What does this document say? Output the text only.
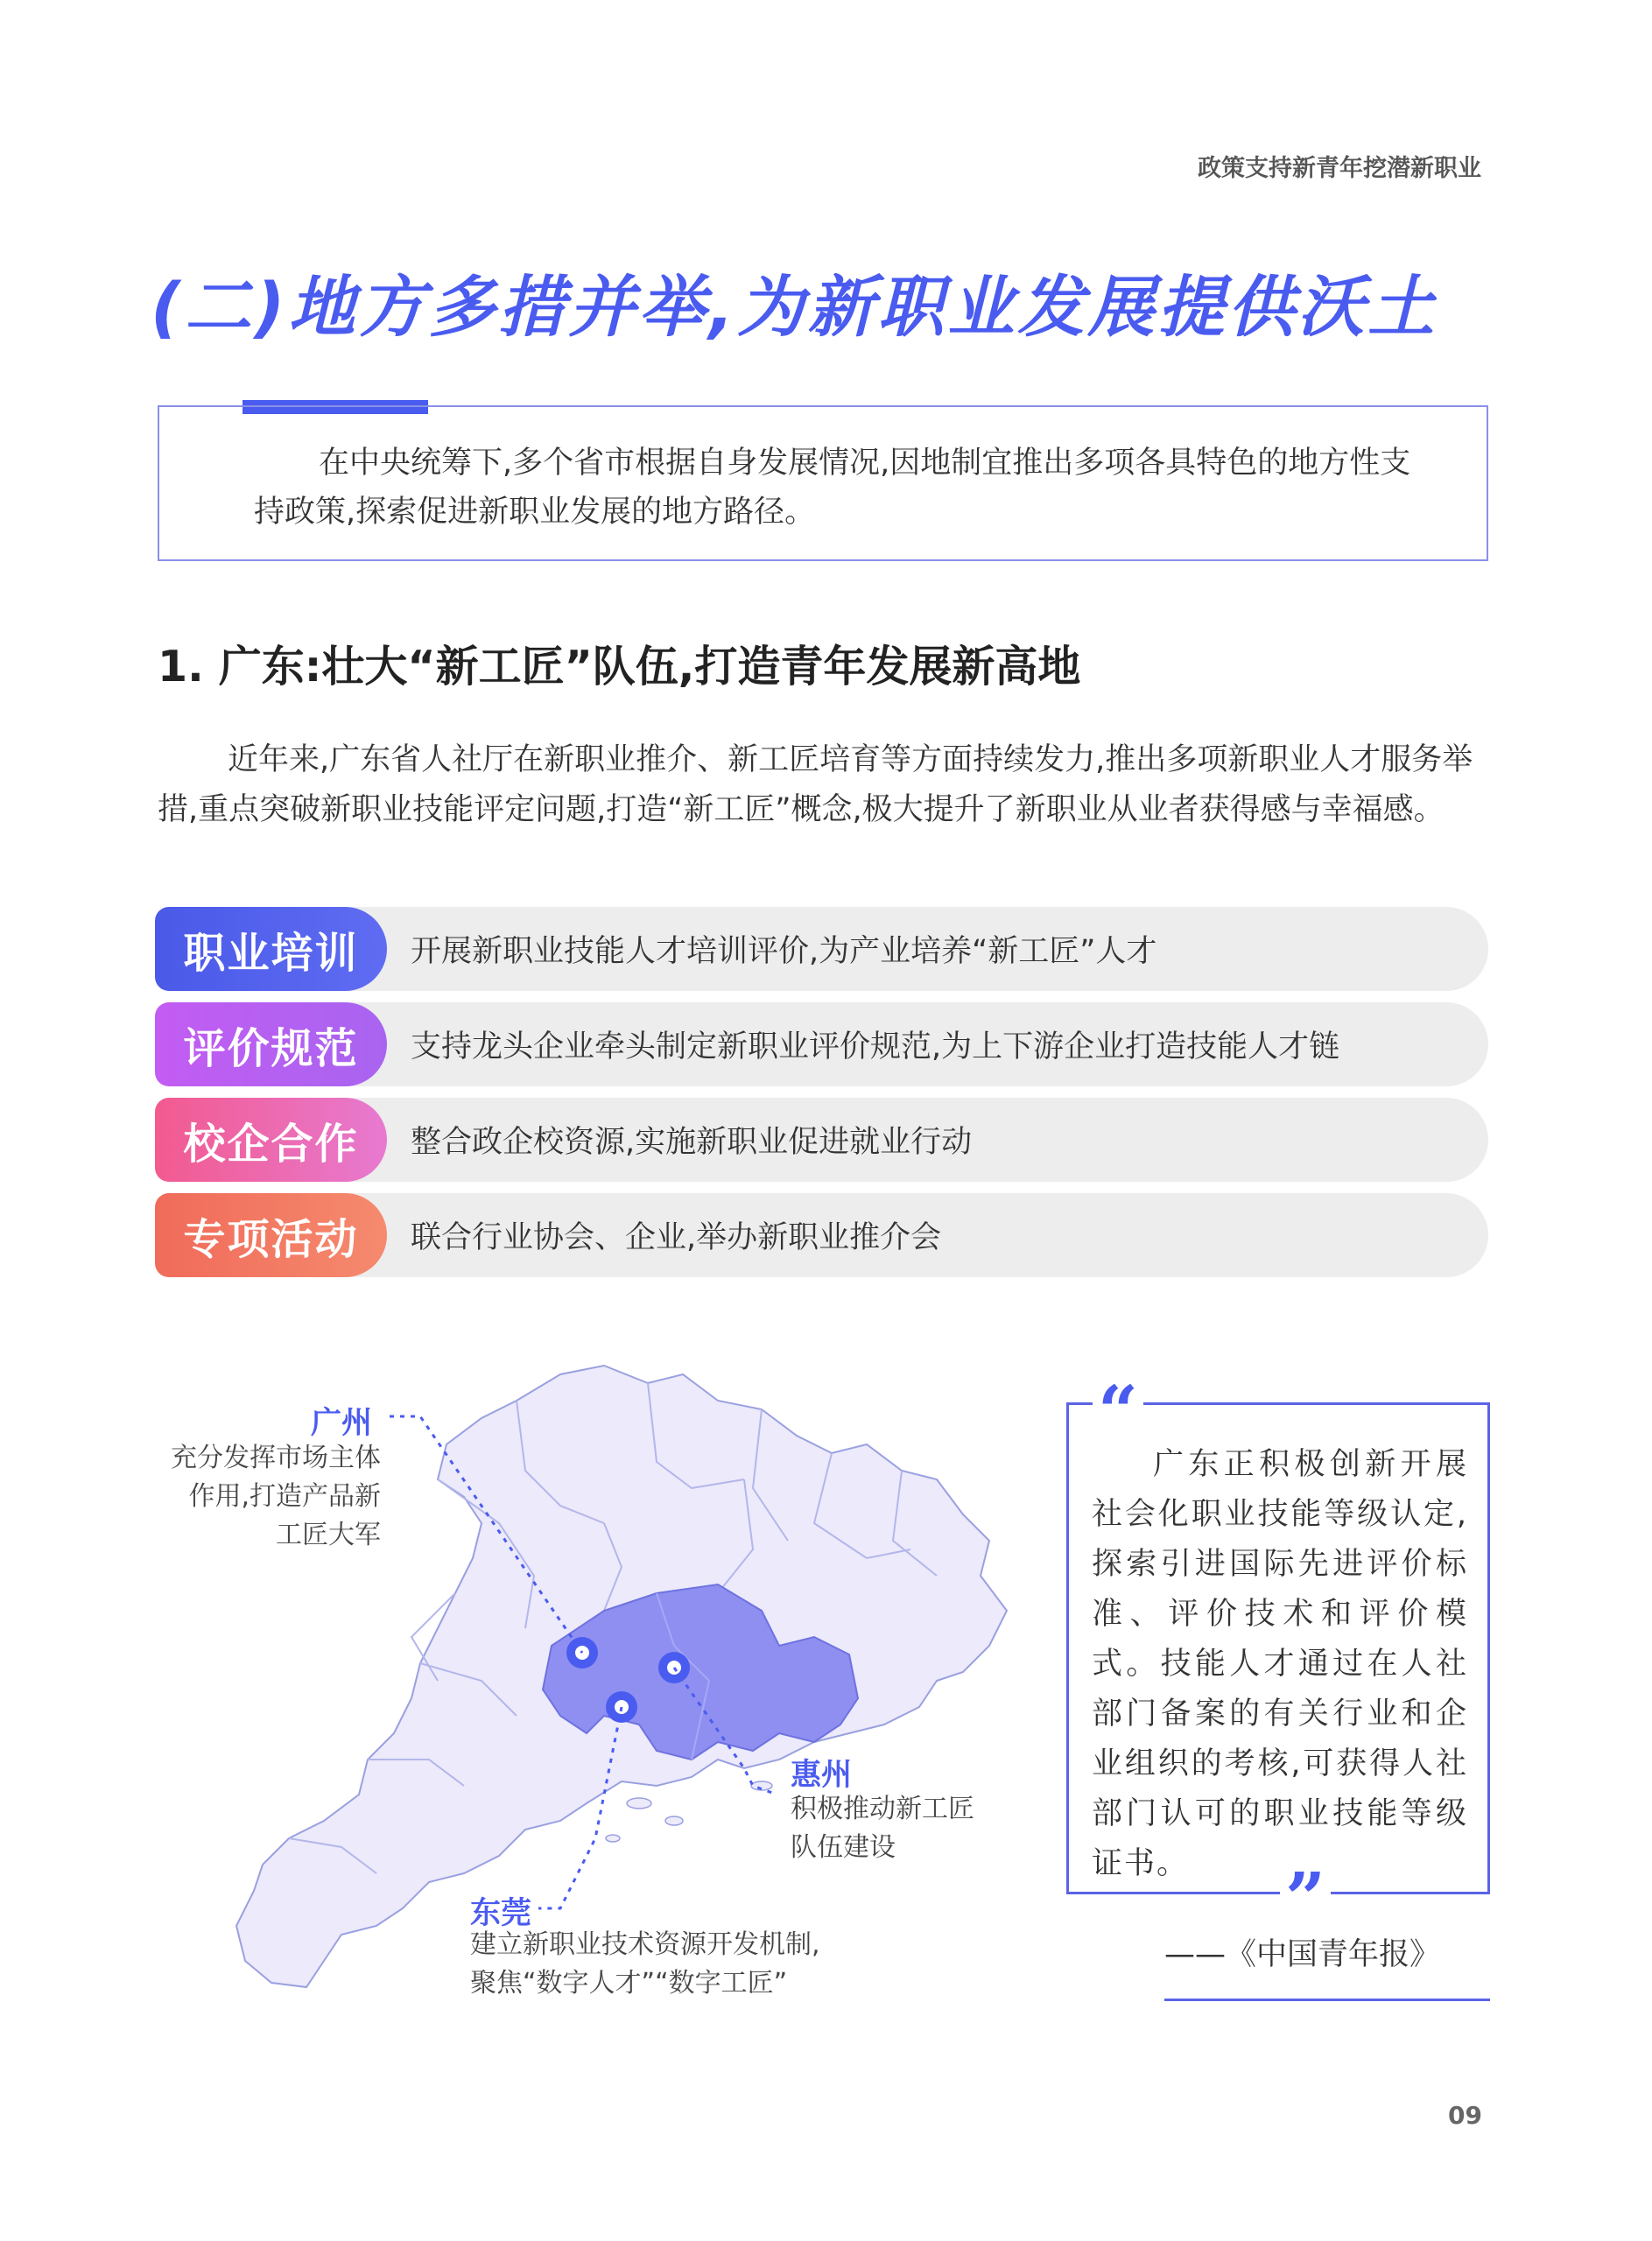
政策支持新青年挖潜新职业
(二)地方多措并举,为新职业发展提供沃土
在中央统筹下,多个省市根据自身发展情况,因地制宜推出多项各具特色的地方性支持政策,探索促进新职业发展的地方路径。
1. 广东:壮大“新工匠”队伍,打造青年发展新高地
近年来,广东省人社厅在新职业推介、新工匠培育等方面持续发力,推出多项新职业人才服务举措,重点突破新职业技能评定问题,打造“新工匠”概念,极大提升了新职业从业者获得感与幸福感。
职业培训	开展新职业技能人才培训评价,为产业培养“新工匠”人才
评价规范	支持龙头企业牵头制定新职业评价规范,为上下游企业打造技能人才链
校企合作	整合政企校资源,实施新职业促进就业行动
专项活动	联合行业协会、企业,举办新职业推介会
广州
充分发挥市场主体
作用,打造产品新
工匠大军
惠州
积极推动新工匠
队伍建设
东莞
建立新职业技术资源开发机制,
聚焦“数字人才”“数字工匠”
广东正积极创新开展社会化职业技能等级认定,探索引进国际先进评价标准、评价技术和评价模式。技能人才通过在人社部门备案的有关行业和企业组织的考核,可获得人社部门认可的职业技能等级证书。
“
”
——《中国青年报》
09
